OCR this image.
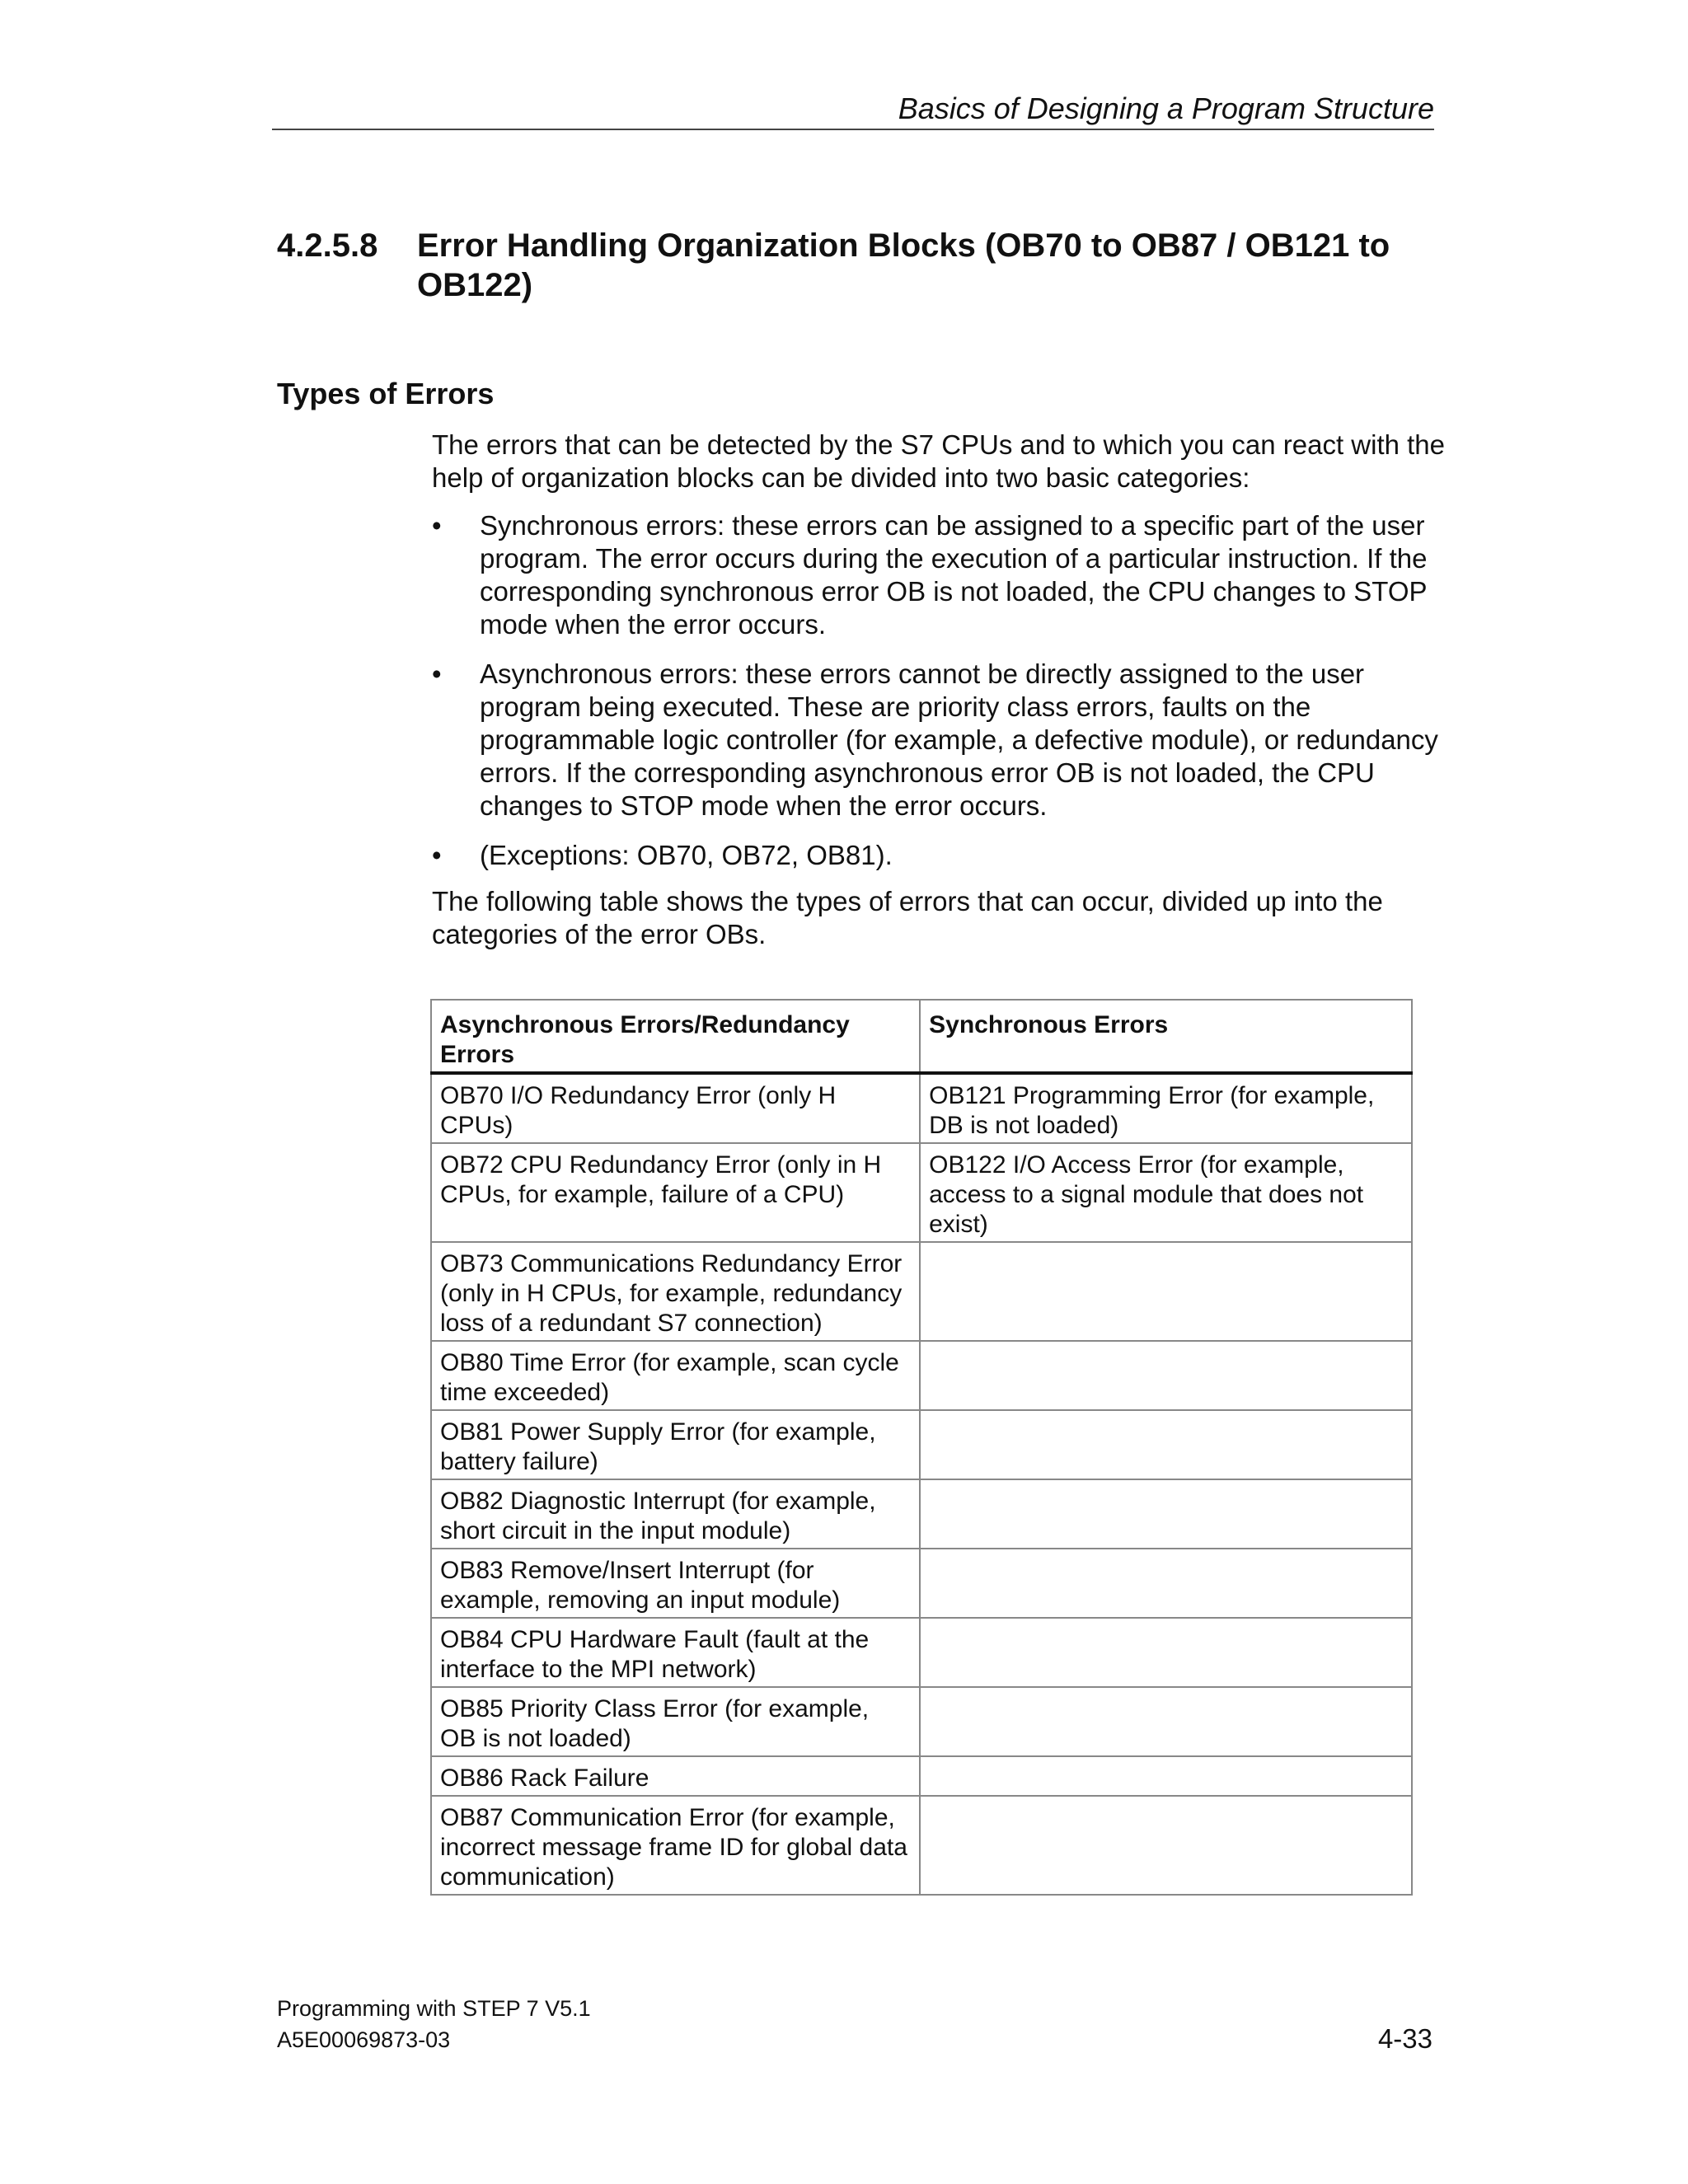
Basics of Designing a Program Structure
4.2.5.8	Error Handling Organization Blocks (OB70 to OB87 / OB121 to OB122)
Types of Errors

The errors that can be detected by the S7 CPUs and to which you can react with the help of organization blocks can be divided into two basic categories:

•	Synchronous errors: these errors can be assigned to a specific part of the user program. The error occurs during the execution of a particular instruction. If the corresponding synchronous error OB is not loaded, the CPU changes to STOP mode when the error occurs.
•	Asynchronous errors: these errors cannot be directly assigned to the user program being executed. These are priority class errors, faults on the programmable logic controller (for example, a defective module), or redundancy errors. If the corresponding asynchronous error OB is not loaded, the CPU changes to STOP mode when the error occurs.
•	(Exceptions: OB70, OB72, OB81).

The following table shows the types of errors that can occur, divided up into the categories of the error OBs.

Asynchronous Errors/Redundancy Errors	Synchronous Errors
OB70 I/O Redundancy Error (only H CPUs)	OB121 Programming Error (for example, DB is not loaded)
OB72 CPU Redundancy Error (only in H CPUs, for example, failure of a CPU)	OB122 I/O Access Error (for example, access to a signal module that does not exist)
OB73 Communications Redundancy Error (only in H CPUs, for example, redundancy loss of a redundant S7 connection)	
OB80 Time Error (for example, scan cycle time exceeded)	
OB81 Power Supply Error (for example, battery failure)	
OB82 Diagnostic Interrupt (for example, short circuit in the input module)	
OB83 Remove/Insert Interrupt (for example, removing an input module)	
OB84 CPU Hardware Fault (fault at the interface to the MPI network)	
OB85 Priority Class Error (for example, OB is not loaded)	
OB86 Rack Failure	
OB87 Communication Error (for example, incorrect message frame ID for global data communication)	
Programming with STEP 7 V5.1
A5E00069873-03	4-33
